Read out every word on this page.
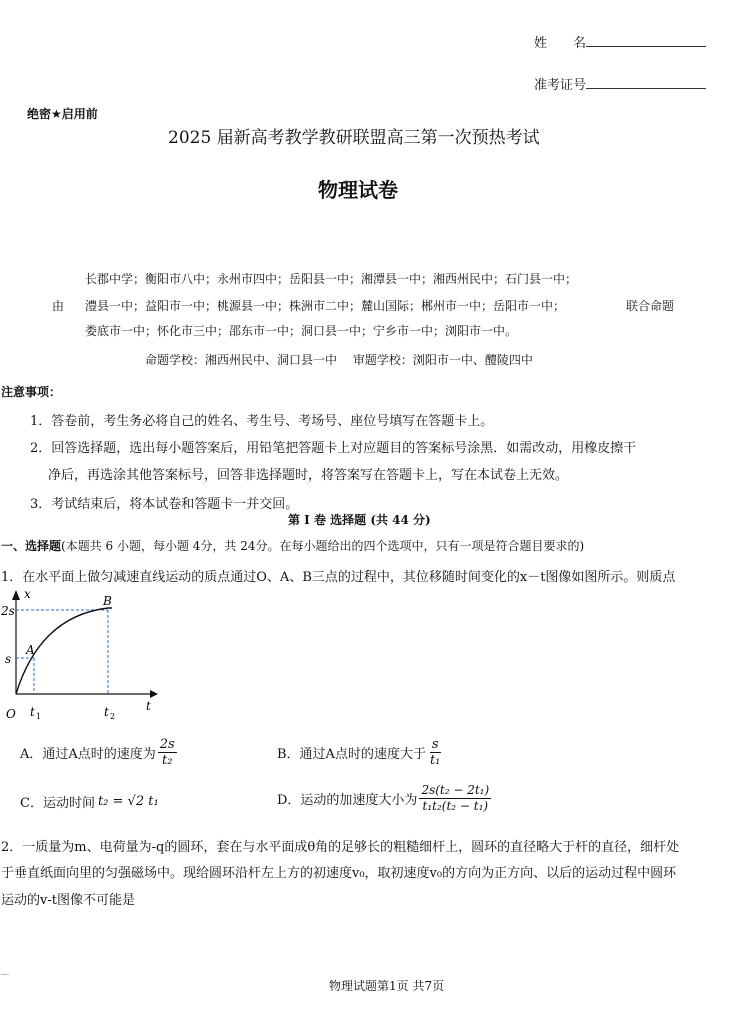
姓　　名
准考证号
绝密★启用前
2025 届新高考教学教研联盟高三第一次预热考试
物理试卷
长郡中学；衡阳市八中；永州市四中；岳阳县一中；湘潭县一中；湘西州民中；石门县一中；
由 澧县一中；益阳市一中；桃源县一中；株洲市二中；麓山国际；郴州市一中；岳阳市一中；	联合命题
娄底市一中；怀化市三中；邵东市一中；洞口县一中；宁乡市一中；浏阳市一中。
命题学校：湘西州民中、洞口县一中　 审题学校：浏阳市一中、醴陵四中
注意事项：
1．答卷前，考生务必将自己的姓名、考生号、考场号、座位号填写在答题卡上。
2．回答选择题，选出每小题答案后，用铅笔把答题卡上对应题目的答案标号涂黑．如需改动，用橡皮擦干
净后，再选涂其他答案标号，回答非选择题时，将答案写在答题卡上，写在本试卷上无效。
3．考试结束后，将本试卷和答题卡一并交回。
第 I 卷 选择题 (共 44 分)
一、选择题(本题共 6 小题，每小题 4分，共 24分。在每小题给出的四个选项中，只有一项是符合题目要求的)
1．在水平面上做匀减速直线运动的质点通过O、A、B三点的过程中，其位移随时间变化的x－t图像如图所示。则质点
x
t
O
2s
s
t 1	t 2
A
B
A．通过A点时的速度为 $\frac{2s}{\text{t₂}}$	B．通过A点时的速度大于 $\frac{s}{\text{t₁}}$
C．运动时间 t₂ = √2 t₁	D．运动的加速度大小为 $\frac{\text{2s(t₂ − 2t₁)}}{\text{t₁t₂(t₂ − t₁)}}$
2．一质量为m、电荷量为-q的圆环，套在与水平面成θ角的足够长的粗糙细杆上，圆环的直径略大于杆的直径，细杆处
于垂直纸面向里的匀强磁场中。现给圆环沿杆左上方的初速度v₀，取初速度v₀的方向为正方向、以后的运动过程中圆环
运动的v-t图像不可能是
物理试题第1页 共7页
